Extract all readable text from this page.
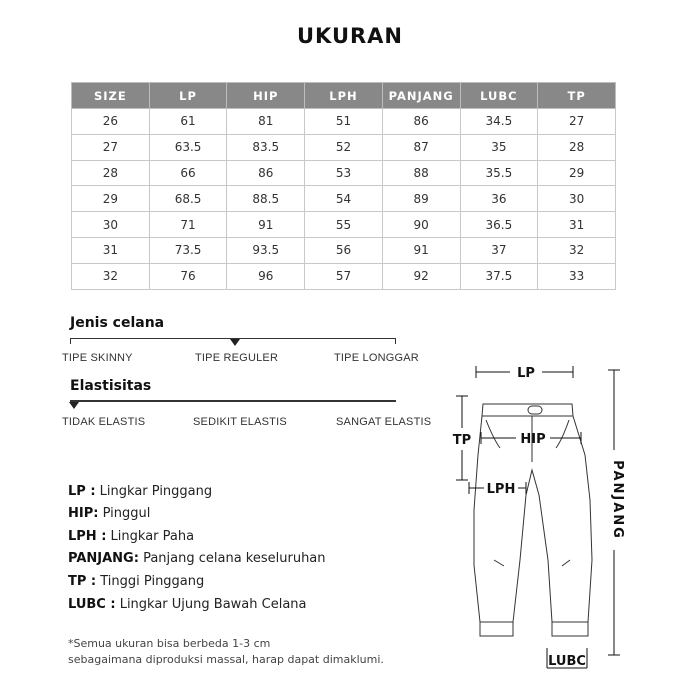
UKURAN
SIZE	LP	HIP	LPH	PANJANG	LUBC	TP
26	61	81	51	86	34.5	27
27	63.5	83.5	52	87	35	28
28	66	86	53	88	35.5	29
29	68.5	88.5	54	89	36	30
30	71	91	55	90	36.5	31
31	73.5	93.5	56	91	37	32
32	76	96	57	92	37.5	33
Jenis celana
TIPE SKINNY	TIPE REGULER	TIPE LONGGAR
Elastisitas
TIDAK ELASTIS	SEDIKIT ELASTIS	SANGAT ELASTIS
LP : Lingkar Pinggang
HIP: Pinggul
LPH : Lingkar Paha
PANJANG: Panjang celana keseluruhan
TP : Tinggi Pinggang
LUBC : Lingkar Ujung Bawah Celana
*Semua ukuran bisa berbeda 1-3 cm
sebagaimana diproduksi massal, harap dapat dimaklumi.
LP
TP	HIP
LPH	PANJANG
LUBC
